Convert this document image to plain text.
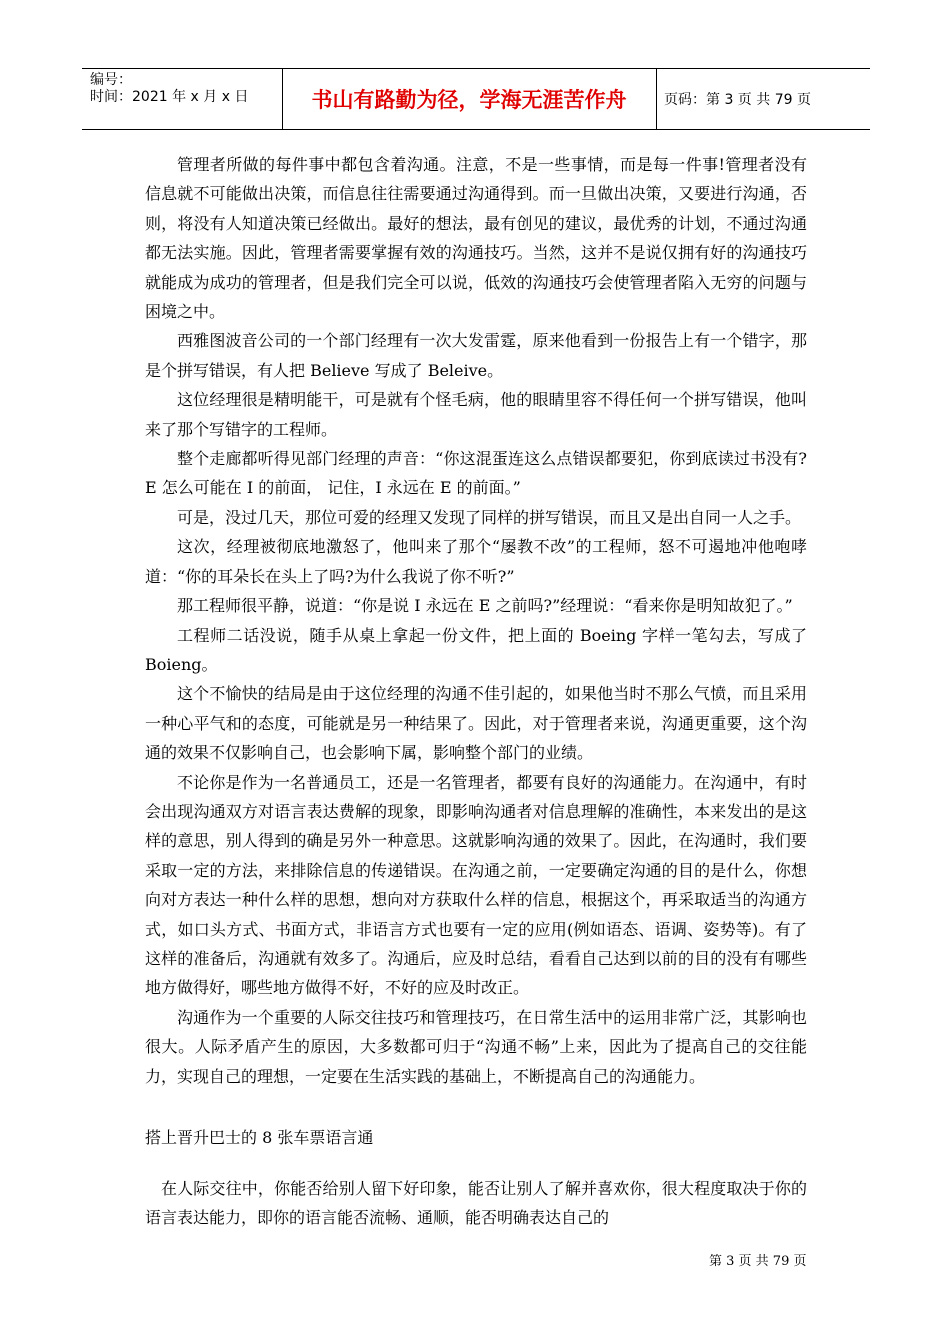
编号：
时间：2021 年 x 月 x 日	书山有路勤为径，学海无涯苦作舟	页码：第 3 页 共 79 页

管理者所做的每件事中都包含着沟通。注意，不是一些事情，而是每一件事!管理者没有信息就不可能做出决策，而信息往往需要通过沟通得到。而一旦做出决策，又要进行沟通，否则，将没有人知道决策已经做出。最好的想法，最有创见的建议，最优秀的计划，不通过沟通都无法实施。因此，管理者需要掌握有效的沟通技巧。当然，这并不是说仅拥有好的沟通技巧就能成为成功的管理者，但是我们完全可以说，低效的沟通技巧会使管理者陷入无穷的问题与困境之中。

西雅图波音公司的一个部门经理有一次大发雷霆，原来他看到一份报告上有一个错字，那是个拼写错误，有人把 Believe 写成了 Beleive。

这位经理很是精明能干，可是就有个怪毛病，他的眼睛里容不得任何一个拼写错误，他叫来了那个写错字的工程师。

整个走廊都听得见部门经理的声音：“你这混蛋连这么点错误都要犯，你到底读过书没有?E 怎么可能在 I 的前面， 记住，I 永远在 E 的前面。”

可是，没过几天，那位可爱的经理又发现了同样的拼写错误，而且又是出自同一人之手。

这次，经理被彻底地激怒了，他叫来了那个“屡教不改”的工程师，怒不可遏地冲他咆哮道：“你的耳朵长在头上了吗?为什么我说了你不听?”

那工程师很平静，说道：“你是说 I 永远在 E 之前吗?”经理说：“看来你是明知故犯了。”

工程师二话没说，随手从桌上拿起一份文件，把上面的 Boeing 字样一笔勾去，写成了 Boieng。

这个不愉快的结局是由于这位经理的沟通不佳引起的，如果他当时不那么气愤，而且采用一种心平气和的态度，可能就是另一种结果了。因此，对于管理者来说，沟通更重要，这个沟通的效果不仅影响自己，也会影响下属，影响整个部门的业绩。

不论你是作为一名普通员工，还是一名管理者，都要有良好的沟通能力。在沟通中，有时会出现沟通双方对语言表达费解的现象，即影响沟通者对信息理解的准确性，本来发出的是这样的意思，别人得到的确是另外一种意思。这就影响沟通的效果了。因此，在沟通时，我们要采取一定的方法，来排除信息的传递错误。在沟通之前，一定要确定沟通的目的是什么，你想向对方表达一种什么样的思想，想向对方获取什么样的信息，根据这个，再采取适当的沟通方式，如口头方式、书面方式，非语言方式也要有一定的应用(例如语态、语调、姿势等)。有了这样的准备后，沟通就有效多了。沟通后，应及时总结，看看自己达到以前的目的没有有哪些地方做得好，哪些地方做得不好，不好的应及时改正。

沟通作为一个重要的人际交往技巧和管理技巧，在日常生活中的运用非常广泛，其影响也很大。人际矛盾产生的原因，大多数都可归于“沟通不畅”上来，因此为了提高自己的交往能力，实现自己的理想，一定要在生活实践的基础上，不断提高自己的沟通能力。

搭上晋升巴士的 8 张车票语言通
在人际交往中，你能否给别人留下好印象，能否让别人了解并喜欢你，很大程度取决于你的语言表达能力，即你的语言能否流畅、通顺，能否明确表达自己的
第 3 页 共 79 页
